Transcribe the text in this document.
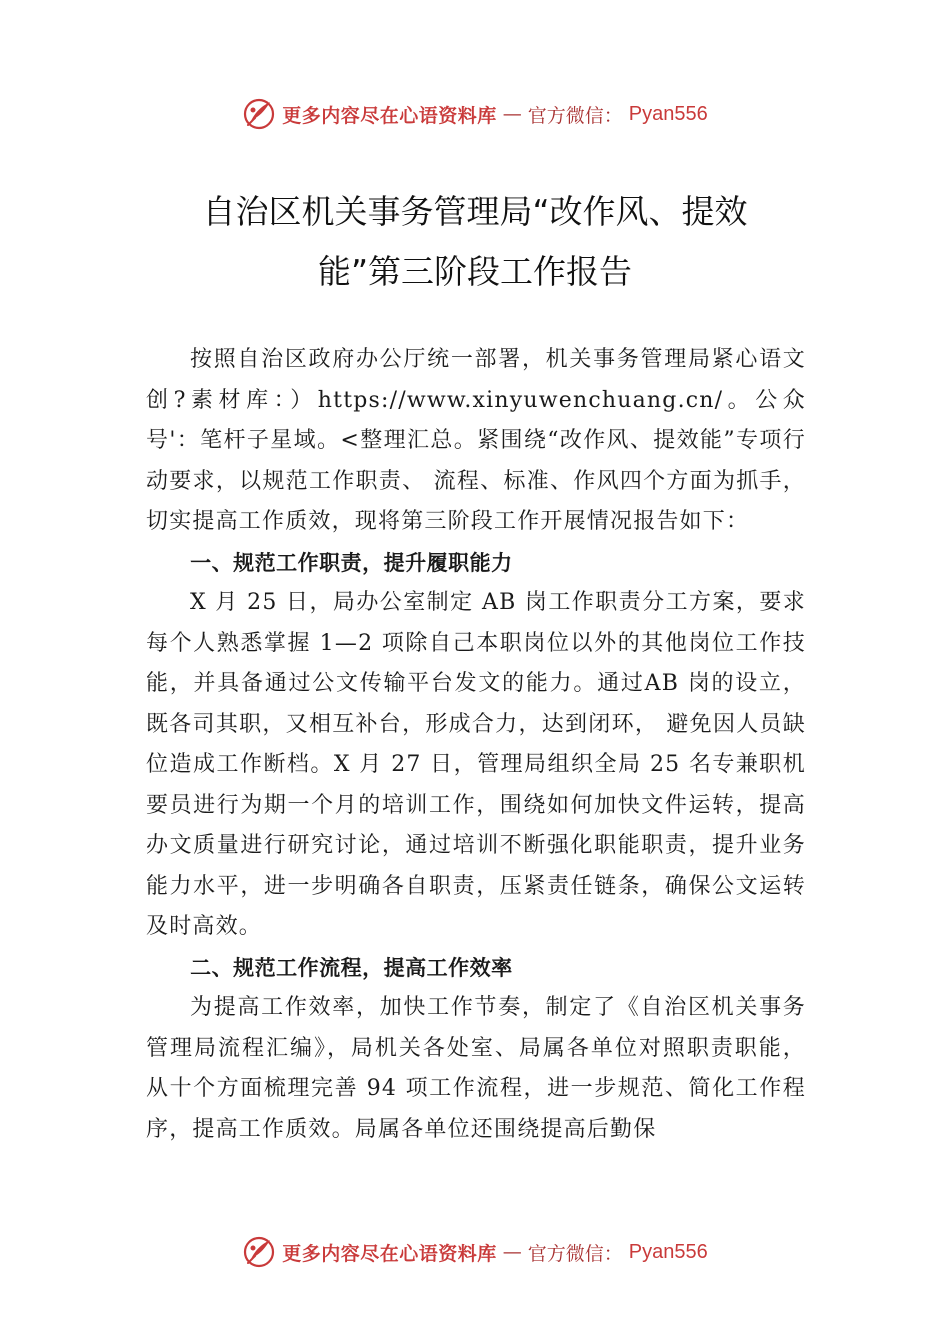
更多内容尽在心语资料库 — 官方微信： Pyan556
自治区机关事务管理局“改作风、提效
能”第三阶段工作报告

按照自治区政府办公厅统一部署，机关事务管理局紧心语文创?素材库：）https://www.xinyuwenchuang.cn/。公众号'：笔杆子星域。<整理汇总。紧围绕“改作风、提效能”专项行动要求，以规范工作职责、 流程、标准、作风四个方面为抓手，切实提高工作质效，现将第三阶段工作开展情况报告如下：

一、规范工作职责，提升履职能力

X 月 25 日，局办公室制定 AB 岗工作职责分工方案，要求每个人熟悉掌握 1—2 项除自己本职岗位以外的其他岗位工作技能，并具备通过公文传输平台发文的能力。通过AB 岗的设立，既各司其职，又相互补台，形成合力，达到闭环， 避免因人员缺位造成工作断档。X 月 27 日，管理局组织全局 25 名专兼职机要员进行为期一个月的培训工作，围绕如何加快文件运转，提高办文质量进行研究讨论，通过培训不断强化职能职责，提升业务能力水平，进一步明确各自职责，压紧责任链条，确保公文运转及时高效。

二、规范工作流程，提高工作效率

为提高工作效率，加快工作节奏，制定了《自治区机关事务管理局流程汇编》，局机关各处室、局属各单位对照职责职能，从十个方面梳理完善 94 项工作流程，进一步规范、简化工作程序，提高工作质效。局属各单位还围绕提高后勤保

更多内容尽在心语资料库 — 官方微信： Pyan556
